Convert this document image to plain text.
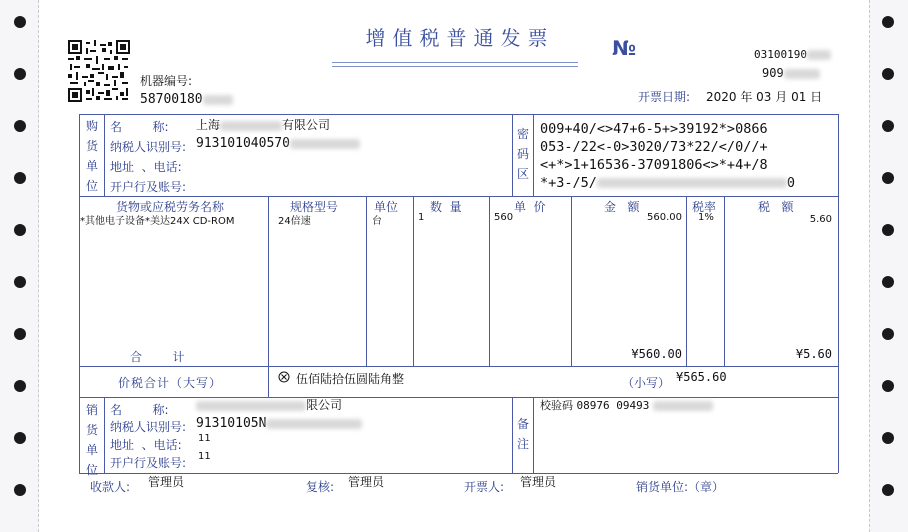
机器编号:
58700180
增值税普通发票	№	03100190
909
开票日期: 2020 年 03 月 01 日
购货单位
名        称: 上海	有限公司
纳税人识别号: 913101040570
地址  、电话:
开户行及账号:
密码区
009+40/<>47+6-5+>39192*>0866
053-/22<-0>3020/73*22/</0//+
<+*>1+16536-37091806<>*+4+/8
*+3-/5/	0
货物或应税劳务名称	规格型号	单位	数  量	单  价	金   额	税率	税   额
*其他电子设备*美达24X CD-ROM	24倍速	台	1	560	560.00 1%	5.60
合        计	¥560.00	¥5.60
价税合计（大写）	伍佰陆拾伍圆陆角整	（小写） ¥565.60
销货单位
名        称:	限公司
纳税人识别号: 91310105N
地址  、电话: 11
开户行及账号: 11
备注
校验码 08976 09493
收款人: 管理员	复核: 管理员	开票人: 管理员	销货单位:（章）
